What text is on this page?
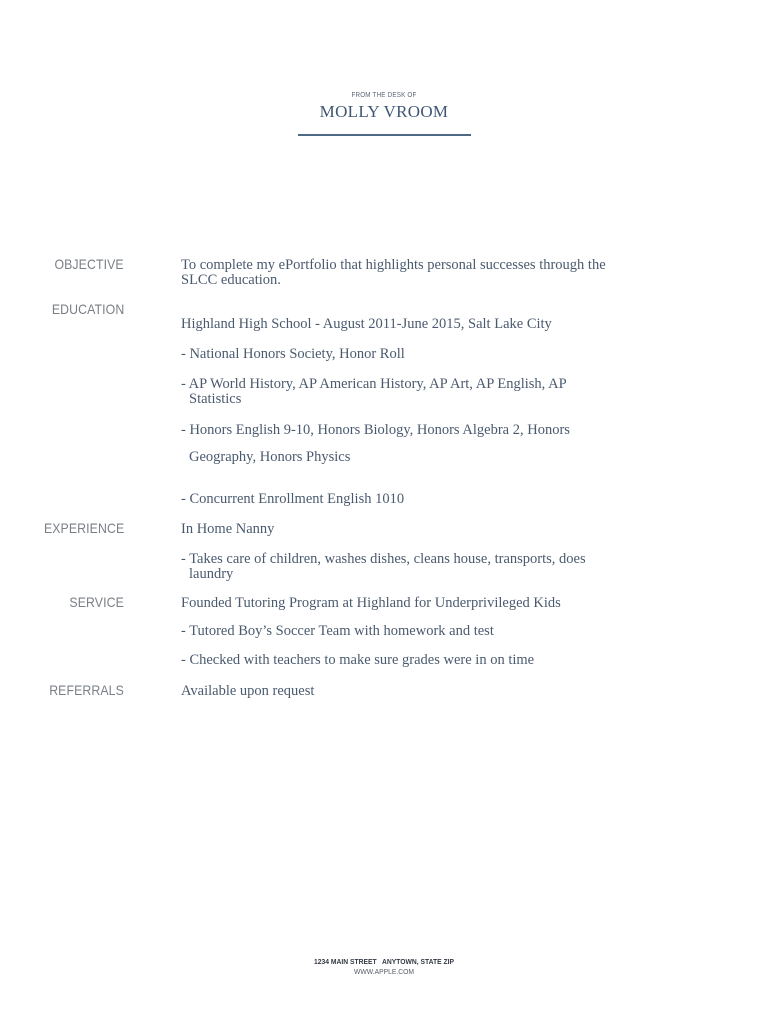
FROM THE DESK OF
MOLLY VROOM
OBJECTIVE	To complete my ePortfolio that highlights personal successes through the SLCC education.
EDUCATION
Highland High School - August 2011-June 2015, Salt Lake City
- National Honors Society, Honor Roll
- AP World History, AP American History, AP Art, AP English, AP Statistics
- Honors English 9-10, Honors Biology, Honors Algebra 2, Honors
Geography, Honors Physics
- Concurrent Enrollment English 1010
EXPERIENCE	In Home Nanny
- Takes care of children, washes dishes, cleans house, transports, does laundry
SERVICE	Founded Tutoring Program at Highland for Underprivileged Kids
- Tutored Boy’s Soccer Team with homework and test
- Checked with teachers to make sure grades were in on time
REFERRALS	Available upon request
1234 MAIN STREET   ANYTOWN, STATE ZIP
WWW.APPLE.COM
